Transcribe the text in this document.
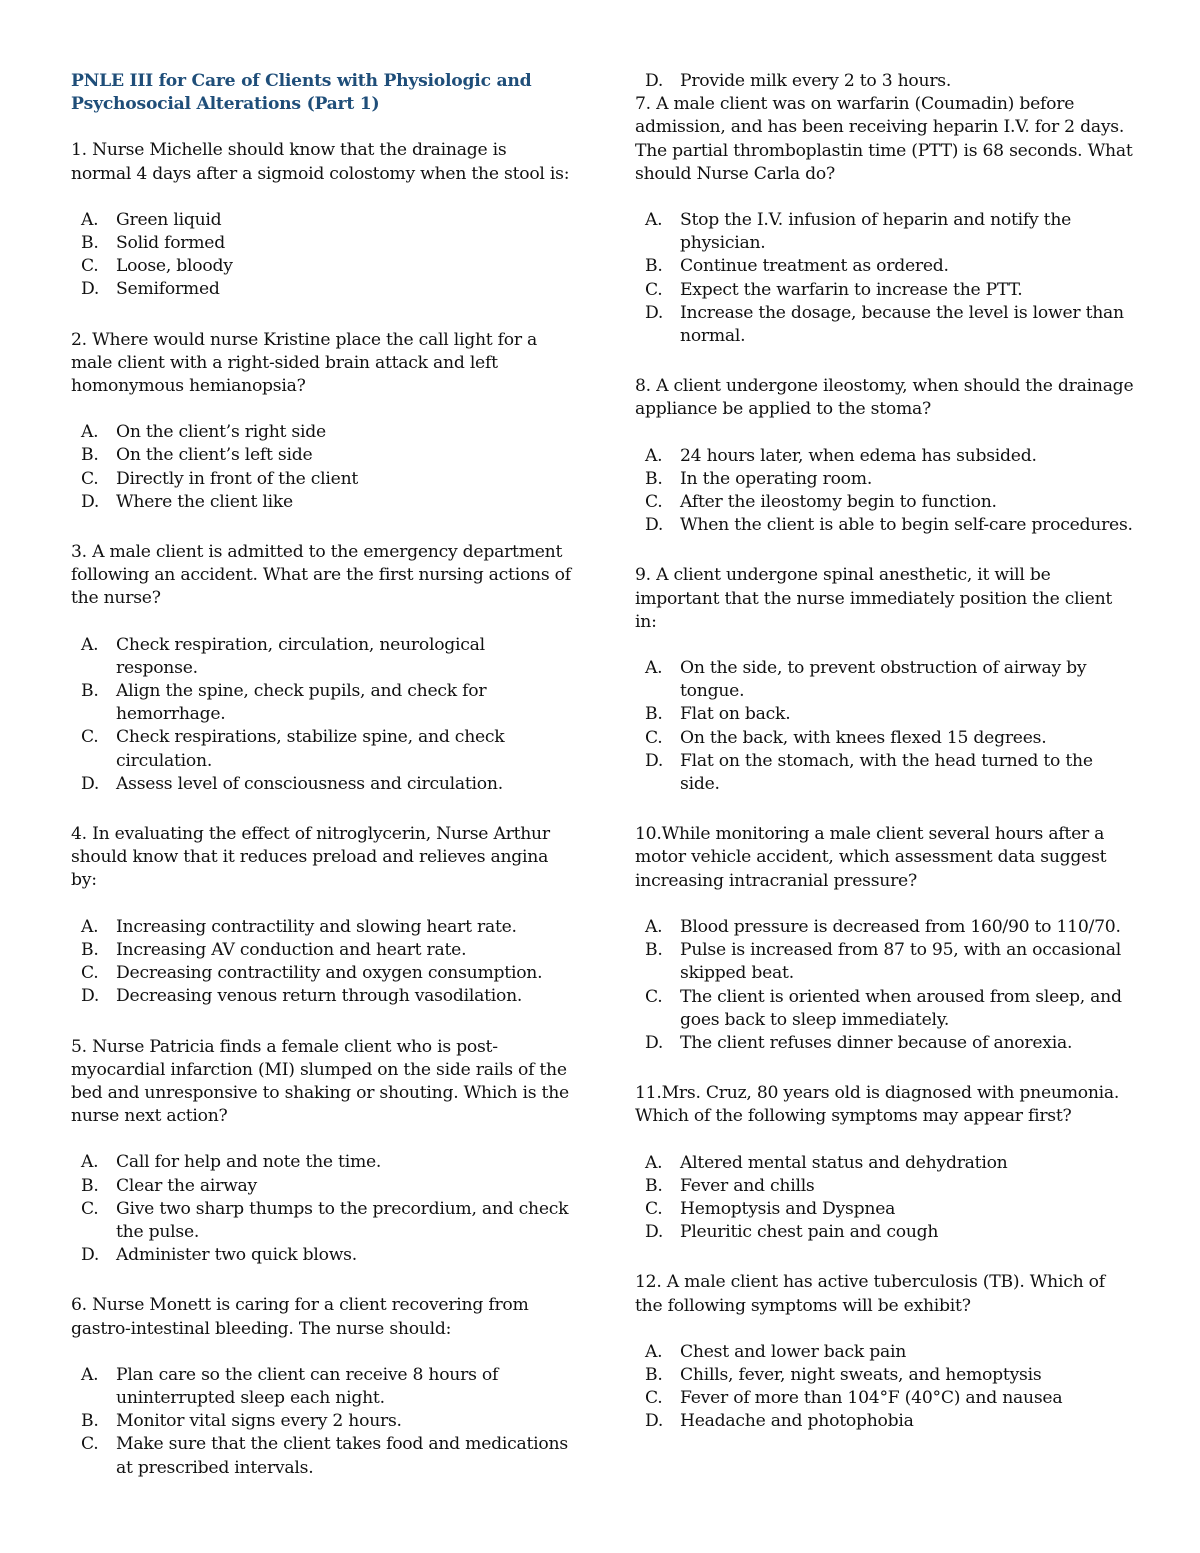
PNLE III for Care of Clients with Physiologic and Psychosocial Alterations (Part 1)
1. Nurse Michelle should know that the drainage is normal 4 days after a sigmoid colostomy when the stool is:
A.	Green liquid
B.	Solid formed
C.	Loose, bloody
D. Semiformed
2. Where would nurse Kristine place the call light for a male client with a right-sided brain attack and left homonymous hemianopsia?
A.	On the client’s right side
B.	On the client’s left side
C.	Directly in front of the client
D. Where the client like
3. A male client is admitted to the emergency department following an accident. What are the first nursing actions of the nurse?
A.	Check respiration, circulation, neurological response.
B.	Align the spine, check pupils, and check for hemorrhage.
C.	Check respirations, stabilize spine, and check circulation.
D. Assess level of consciousness and circulation.
4. In evaluating the effect of nitroglycerin, Nurse Arthur should know that it reduces preload and relieves angina by:
A.	Increasing contractility and slowing heart rate.
B.	Increasing AV conduction and heart rate.
C.	Decreasing contractility and oxygen consumption.
D. Decreasing venous return through vasodilation.
5. Nurse Patricia finds a female client who is post-myocardial infarction (MI) slumped on the side rails of the bed and unresponsive to shaking or shouting. Which is the nurse next action?
A.	Call for help and note the time.
B.	Clear the airway
C.	Give two sharp thumps to the precordium, and check the pulse.
D. Administer two quick blows.
6. Nurse Monett is caring for a client recovering from gastro-intestinal bleeding. The nurse should:
A.	Plan care so the client can receive 8 hours of uninterrupted sleep each night.
B.	Monitor vital signs every 2 hours.
C.	Make sure that the client takes food and medications at prescribed intervals.
D. Provide milk every 2 to 3 hours.
7. A male client was on warfarin (Coumadin) before admission, and has been receiving heparin I.V. for 2 days. The partial thromboplastin time (PTT) is 68 seconds. What should Nurse Carla do?
A.	Stop the I.V. infusion of heparin and notify the physician.
B.	Continue treatment as ordered.
C.	Expect the warfarin to increase the PTT.
D. Increase the dosage, because the level is lower than normal.
8. A client undergone ileostomy, when should the drainage appliance be applied to the stoma?
A.	24 hours later, when edema has subsided.
B.	In the operating room.
C.	After the ileostomy begin to function.
D. When the client is able to begin self-care procedures.
9. A client undergone spinal anesthetic, it will be important that the nurse immediately position the client in:
A.	On the side, to prevent obstruction of airway by tongue.
B.	Flat on back.
C.	On the back, with knees flexed 15 degrees.
D. Flat on the stomach, with the head turned to the side.
10.While monitoring a male client several hours after a motor vehicle accident, which assessment data suggest increasing intracranial pressure?
A.	Blood pressure is decreased from 160/90 to 110/70.
B.	Pulse is increased from 87 to 95, with an occasional skipped beat.
C.	The client is oriented when aroused from sleep, and goes back to sleep immediately.
D. The client refuses dinner because of anorexia.
11.Mrs. Cruz, 80 years old is diagnosed with pneumonia. Which of the following symptoms may appear first?
A.	Altered mental status and dehydration
B.	Fever and chills
C.	Hemoptysis and Dyspnea
D. Pleuritic chest pain and cough
12. A male client has active tuberculosis (TB). Which of the following symptoms will be exhibit?
A.	Chest and lower back pain
B.	Chills, fever, night sweats, and hemoptysis
C.	Fever of more than 104°F (40°C) and nausea
D. Headache and photophobia
